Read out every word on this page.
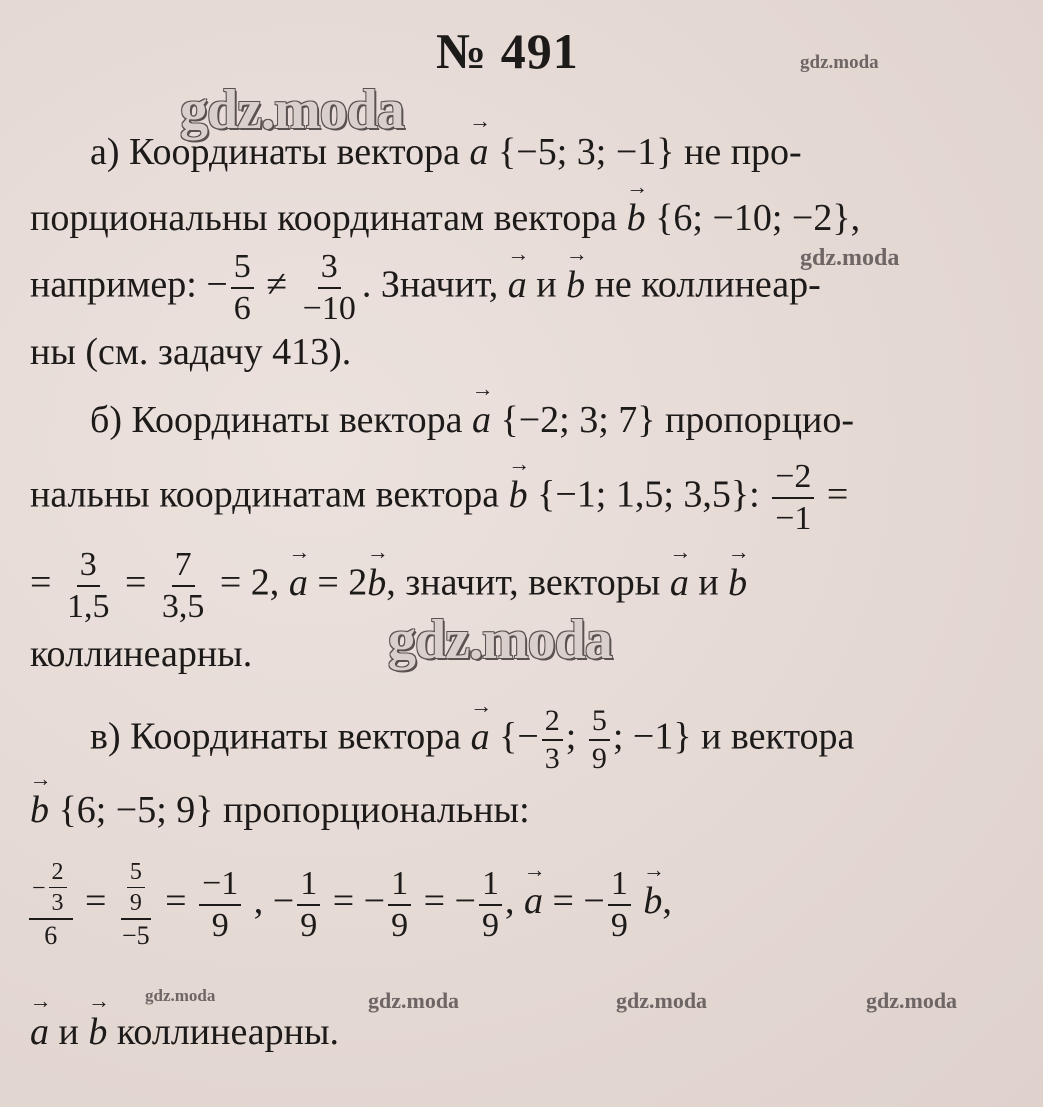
№ 491	gdz.moda
gdz.moda
gdz.moda
gdz.moda
gdz.moda	gdz.moda	gdz.moda	gdz.moda
а) Координаты вектора → a {−5; 3; −1} не про-
порциональны координатам вектора → b {6; −10; −2},
например: − $\frac{5}{6} \ne \frac{3}{-10}$ . Значит, → a и → b не коллинеар-
ны (см. задачу 413).
б) Координаты вектора → a {−2; 3; 7} пропорцио-
нальны координатам вектора → b {−1; 1,5; 3,5}: $\frac{-2}{-1}$ =
= $\frac{3}{1,5} = \frac{7}{3,5} = 2$, → a = 2→ b, значит, векторы → a и → b
коллинеарны.
в) Координаты вектора → a {− $\frac{2}{3}$ ; $\frac{5}{9}$ ; −1} и вектора
→ b {6; −5; 9} пропорциональны:
$\frac{- \frac{2}{3}}{6} = \frac{\frac{5}{9}}{-5} = \frac{-1}{9}$ , − $\frac{1}{9}$ = − $\frac{1}{9}$ = − $\frac{1}{9}$ , → a = − $\frac{1}{9}$
→ b,
→ a и → b коллинеарны.
